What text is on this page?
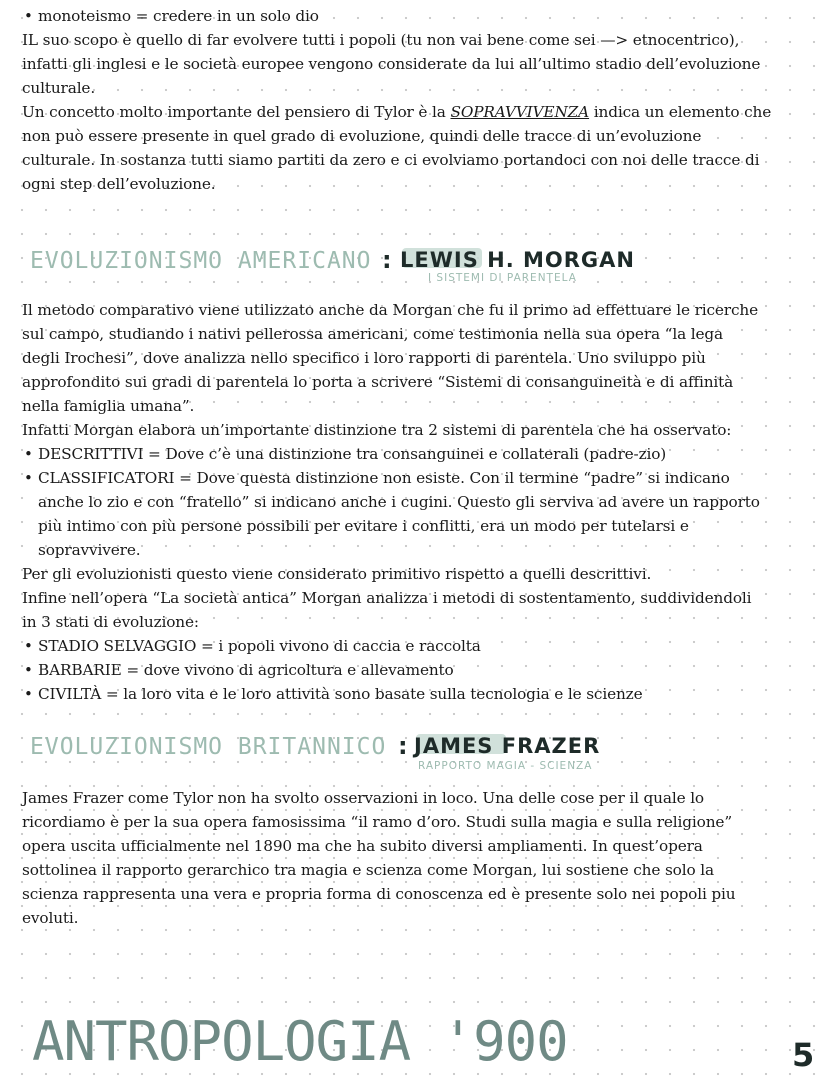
• monoteismo = credere in un solo dio

IL suo scopo è quello di far evolvere tutti i popoli (tu non vai bene come sei —> etnocentrico),

infatti gli inglesi e le società europee vengono considerate da lui all’ultimo stadio dell’evoluzione

culturale.

Un concetto molto importante del pensiero di Tylor è la SOPRAVVIVENZA indica un elemento che

non può essere presente in quel grado di evoluzione, quindi delle tracce di un’evoluzione

culturale. In sostanza tutti siamo partiti da zero e ci evolviamo portandoci con noi delle tracce di

ogni step dell’evoluzione.

EVOLUZIONISMO AMERICANO : LEWIS H. MORGAN
I SISTEMI DI PARENTELA

Il metodo comparativo viene utilizzato anche da Morgan che fu il primo ad effettuare le ricerche

sul campo, studiando i nativi pellerossa americani, come testimonia nella sua opera “la lega

degli Irochesi”, dove analizza nello specifico i loro rapporti di parentela. Uno sviluppo più

approfondito sui gradi di parentela lo porta a scrivere “Sistemi di consanguineità e di affinità

nella famiglia umana”.

Infatti Morgan elabora un’importante distinzione tra 2 sistemi di parentela che ha osservato:

• DESCRITTIVI = Dove c’è una distinzione tra consanguinei e collaterali (padre-zio)

• CLASSIFICATORI = Dove questa distinzione non esiste. Con il termine “padre” si indicano

anche lo zio e con “fratello” si indicano anche i cugini. Questo gli serviva ad avere un rapporto

più intimo con più persone possibili per evitare i conflitti, era un modo per tutelarsi e

sopravvivere.

Per gli evoluzionisti questo viene considerato primitivo rispetto a quelli descrittivi.

Infine nell’opera “La società antica” Morgan analizza i metodi di sostentamento, suddividendoli

in 3 stati di evoluzione:

• STADIO SELVAGGIO = i popoli vivono di caccia e raccolta

• BARBARIE = dove vivono di agricoltura e allevamento

• CIVILTÀ = la loro vita e le loro attività sono basate sulla tecnologia e le scienze

EVOLUZIONISMO BRITANNICO : JAMES FRAZER
RAPPORTO MAGIA - SCIENZA

James Frazer come Tylor non ha svolto osservazioni in loco. Una delle cose per il quale lo

ricordiamo è per la sua opera famosissima “il ramo d’oro. Studi sulla magia e sulla religione”

opera uscita ufficialmente nel 1890 ma che ha subito diversi ampliamenti. In quest’opera

sottolinea il rapporto gerarchico tra magia e scienza come Morgan, lui sostiene che solo la

scienza rappresenta una vera e propria forma di conoscenza ed è presente solo nei popoli piu

evoluti.

ANTROPOLOGIA '900	5
